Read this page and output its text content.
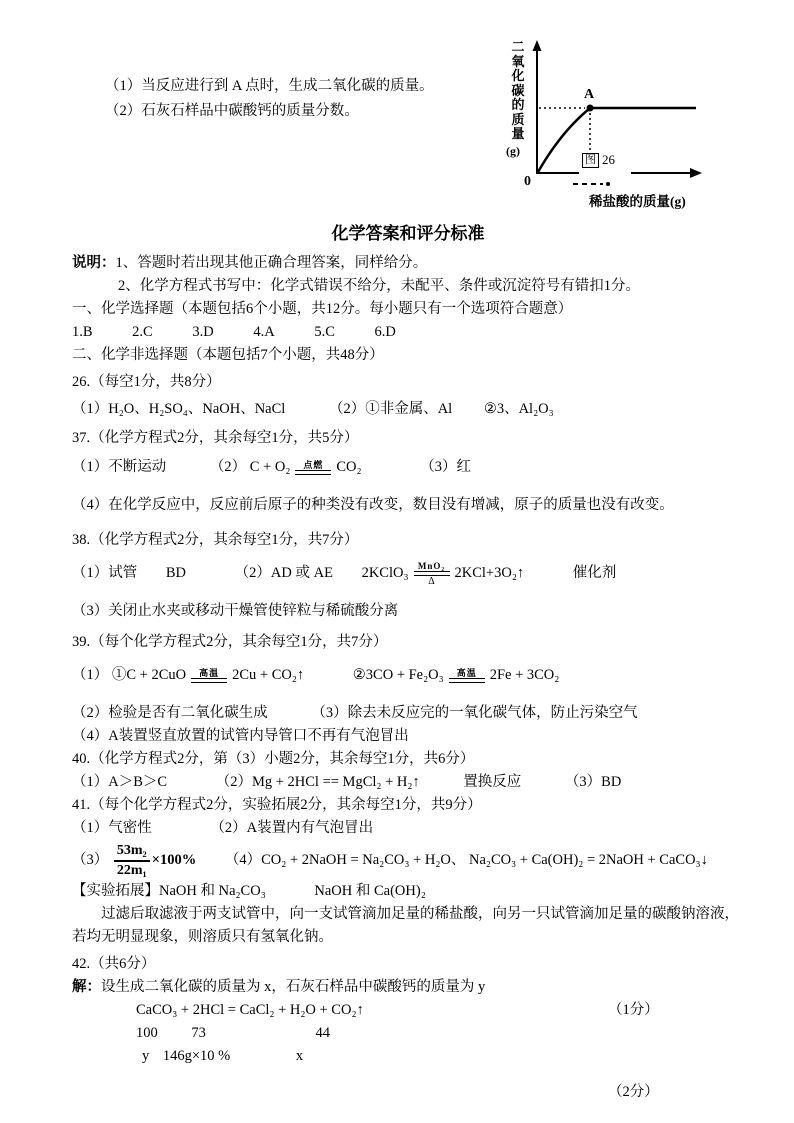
（1）当反应进行到 A 点时，生成二氧化碳的质量。
（2）石灰石样品中碳酸钙的质量分数。
二氧化碳的质量
(g)
A
0
图 26
稀盐酸的质量(g)
化学答案和评分标准
说明：1、答题时若出现其他正确合理答案，同样给分。
2、化学方程式书写中：化学式错误不给分，未配平、条件或沉淀符号有错扣1分。
一、化学选择题（本题包括6个小题，共12分。每小题只有一个选项符合题意）
1.B	2.C	3.D	4.A	5.C	6.D
二、化学非选择题（本题包括7个小题，共48分）
26.（每空1分，共8分）
（1）H₂O、H₂SO₄、NaOH、NaCl	（2）①非金属、Al ②3、Al₂O₃
37.（化学方程式2分，其余每空1分，共5分）
（1）不断运动	（2） C + O₂ 点燃 CO₂	（3）红
（4）在化学反应中，反应前后原子的种类没有改变，数目没有增减，原子的质量也没有改变。
38.（化学方程式2分，其余每空1分，共7分）
（1）试管 BD	（2）AD 或 AE 2KClO₃ MnO₂
Δ
2KCl+3O₂↑	催化剂
（3）关闭止水夹或移动干燥管使锌粒与稀硫酸分离
39.（每个化学方程式2分，其余每空1分，共7分）
（1） ①C + 2CuO 高温 2Cu + CO₂↑	②3CO + Fe₂O₃ 高温 2Fe + 3CO₂
（2）检验是否有二氧化碳生成	（3）除去未反应完的一氧化碳气体，防止污染空气
（4）A装置竖直放置的试管内导管口不再有气泡冒出
40.（化学方程式2分，第（3）小题2分，其余每空1分，共6分）
（1）A＞B＞C	（2）Mg + 2HCl == MgCl₂ + H₂↑	置换反应	（3）BD
41.（每个化学方程式2分，实验拓展2分，其余每空1分，共9分）
（1）气密性	（2）A装置内有气泡冒出
$(3) \frac{\text{53m₂}}{\text{22m₁}} \times 100\%$ （4）CO₂ + 2NaOH = Na₂CO₃ + H₂O、 Na₂CO₃ + Ca(OH)₂ = 2NaOH + CaCO₃↓
【实验拓展】NaOH 和 Na₂CO₃	NaOH 和 Ca(OH)₂
过滤后取滤液于两支试管中，向一支试管滴加足量的稀盐酸，向另一只试管滴加足量的碳酸钠溶液，若均无明显现象，则溶质只有氢氧化钠。
42.（共6分）
解：设生成二氧化碳的质量为 x，石灰石样品中碳酸钙的质量为 y
CaCO₃ + 2HCl = CaCl₂ + H₂O + CO₂↑	（1分）
100 73	44
y 146g×10 %	x
（2分）
